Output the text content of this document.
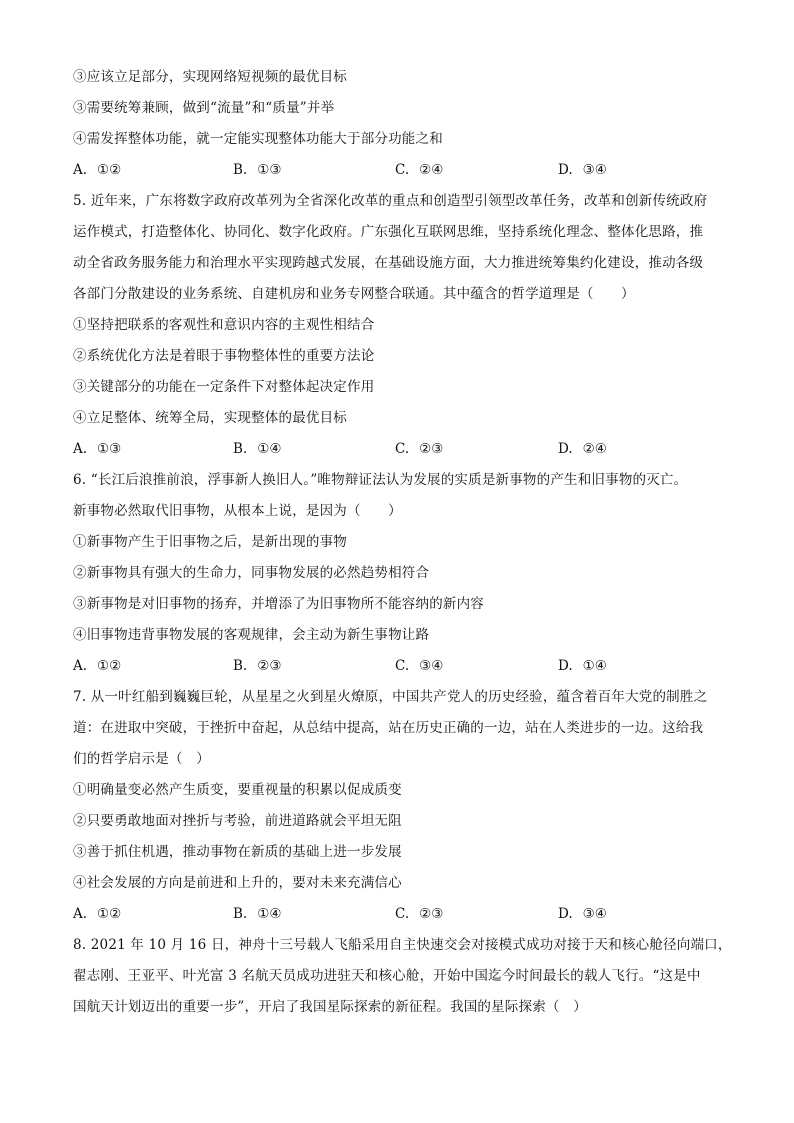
③应该立足部分，实现网络短视频的最优目标
③需要统筹兼顾，做到“流量”和“质量”并举
④需发挥整体功能，就一定能实现整体功能大于部分功能之和
A. ①②	B. ①③	C. ②④	D. ③④
5. 近年来，广东将数字政府改革列为全省深化改革的重点和创造型引领型改革任务，改革和创新传统政府
运作模式，打造整体化、协同化、数字化政府。广东强化互联网思维，坚持系统化理念、整体化思路，推
动全省政务服务能力和治理水平实现跨越式发展，在基础设施方面，大力推进统筹集约化建设，推动各级
各部门分散建设的业务系统、自建机房和业务专网整合联通。其中蕴含的哲学道理是（　　）
①坚持把联系的客观性和意识内容的主观性相结合
②系统优化方法是着眼于事物整体性的重要方法论
③关键部分的功能在一定条件下对整体起决定作用
④立足整体、统筹全局，实现整体的最优目标
A. ①③	B. ①④	C. ②③	D. ②④
6. “长江后浪推前浪，浮事新人换旧人。”唯物辩证法认为发展的实质是新事物的产生和旧事物的灭亡。
新事物必然取代旧事物，从根本上说，是因为（　　）
①新事物产生于旧事物之后，是新出现的事物
②新事物具有强大的生命力，同事物发展的必然趋势相符合
③新事物是对旧事物的扬弃，并增添了为旧事物所不能容纳的新内容
④旧事物违背事物发展的客观规律，会主动为新生事物让路
A. ①②	B. ②③	C. ③④	D. ①④
7. 从一叶红船到巍巍巨轮，从星星之火到星火燎原，中国共产党人的历史经验，蕴含着百年大党的制胜之
道：在进取中突破，于挫折中奋起，从总结中提高，站在历史正确的一边，站在人类进步的一边。这给我
们的哲学启示是（　）
①明确量变必然产生质变，要重视量的积累以促成质变
②只要勇敢地面对挫折与考验，前进道路就会平坦无阻
③善于抓住机遇，推动事物在新质的基础上进一步发展
④社会发展的方向是前进和上升的，要对未来充满信心
A. ①②	B. ①④	C. ②③	D. ③④
8. 2021 年 10 月 16 日，神舟十三号载人飞船采用自主快速交会对接模式成功对接于天和核心舱径向端口，
翟志刚、王亚平、叶光富 3 名航天员成功进驻天和核心舱，开始中国迄今时间最长的载人飞行。“这是中
国航天计划迈出的重要一步”，开启了我国星际探索的新征程。我国的星际探索（　）
